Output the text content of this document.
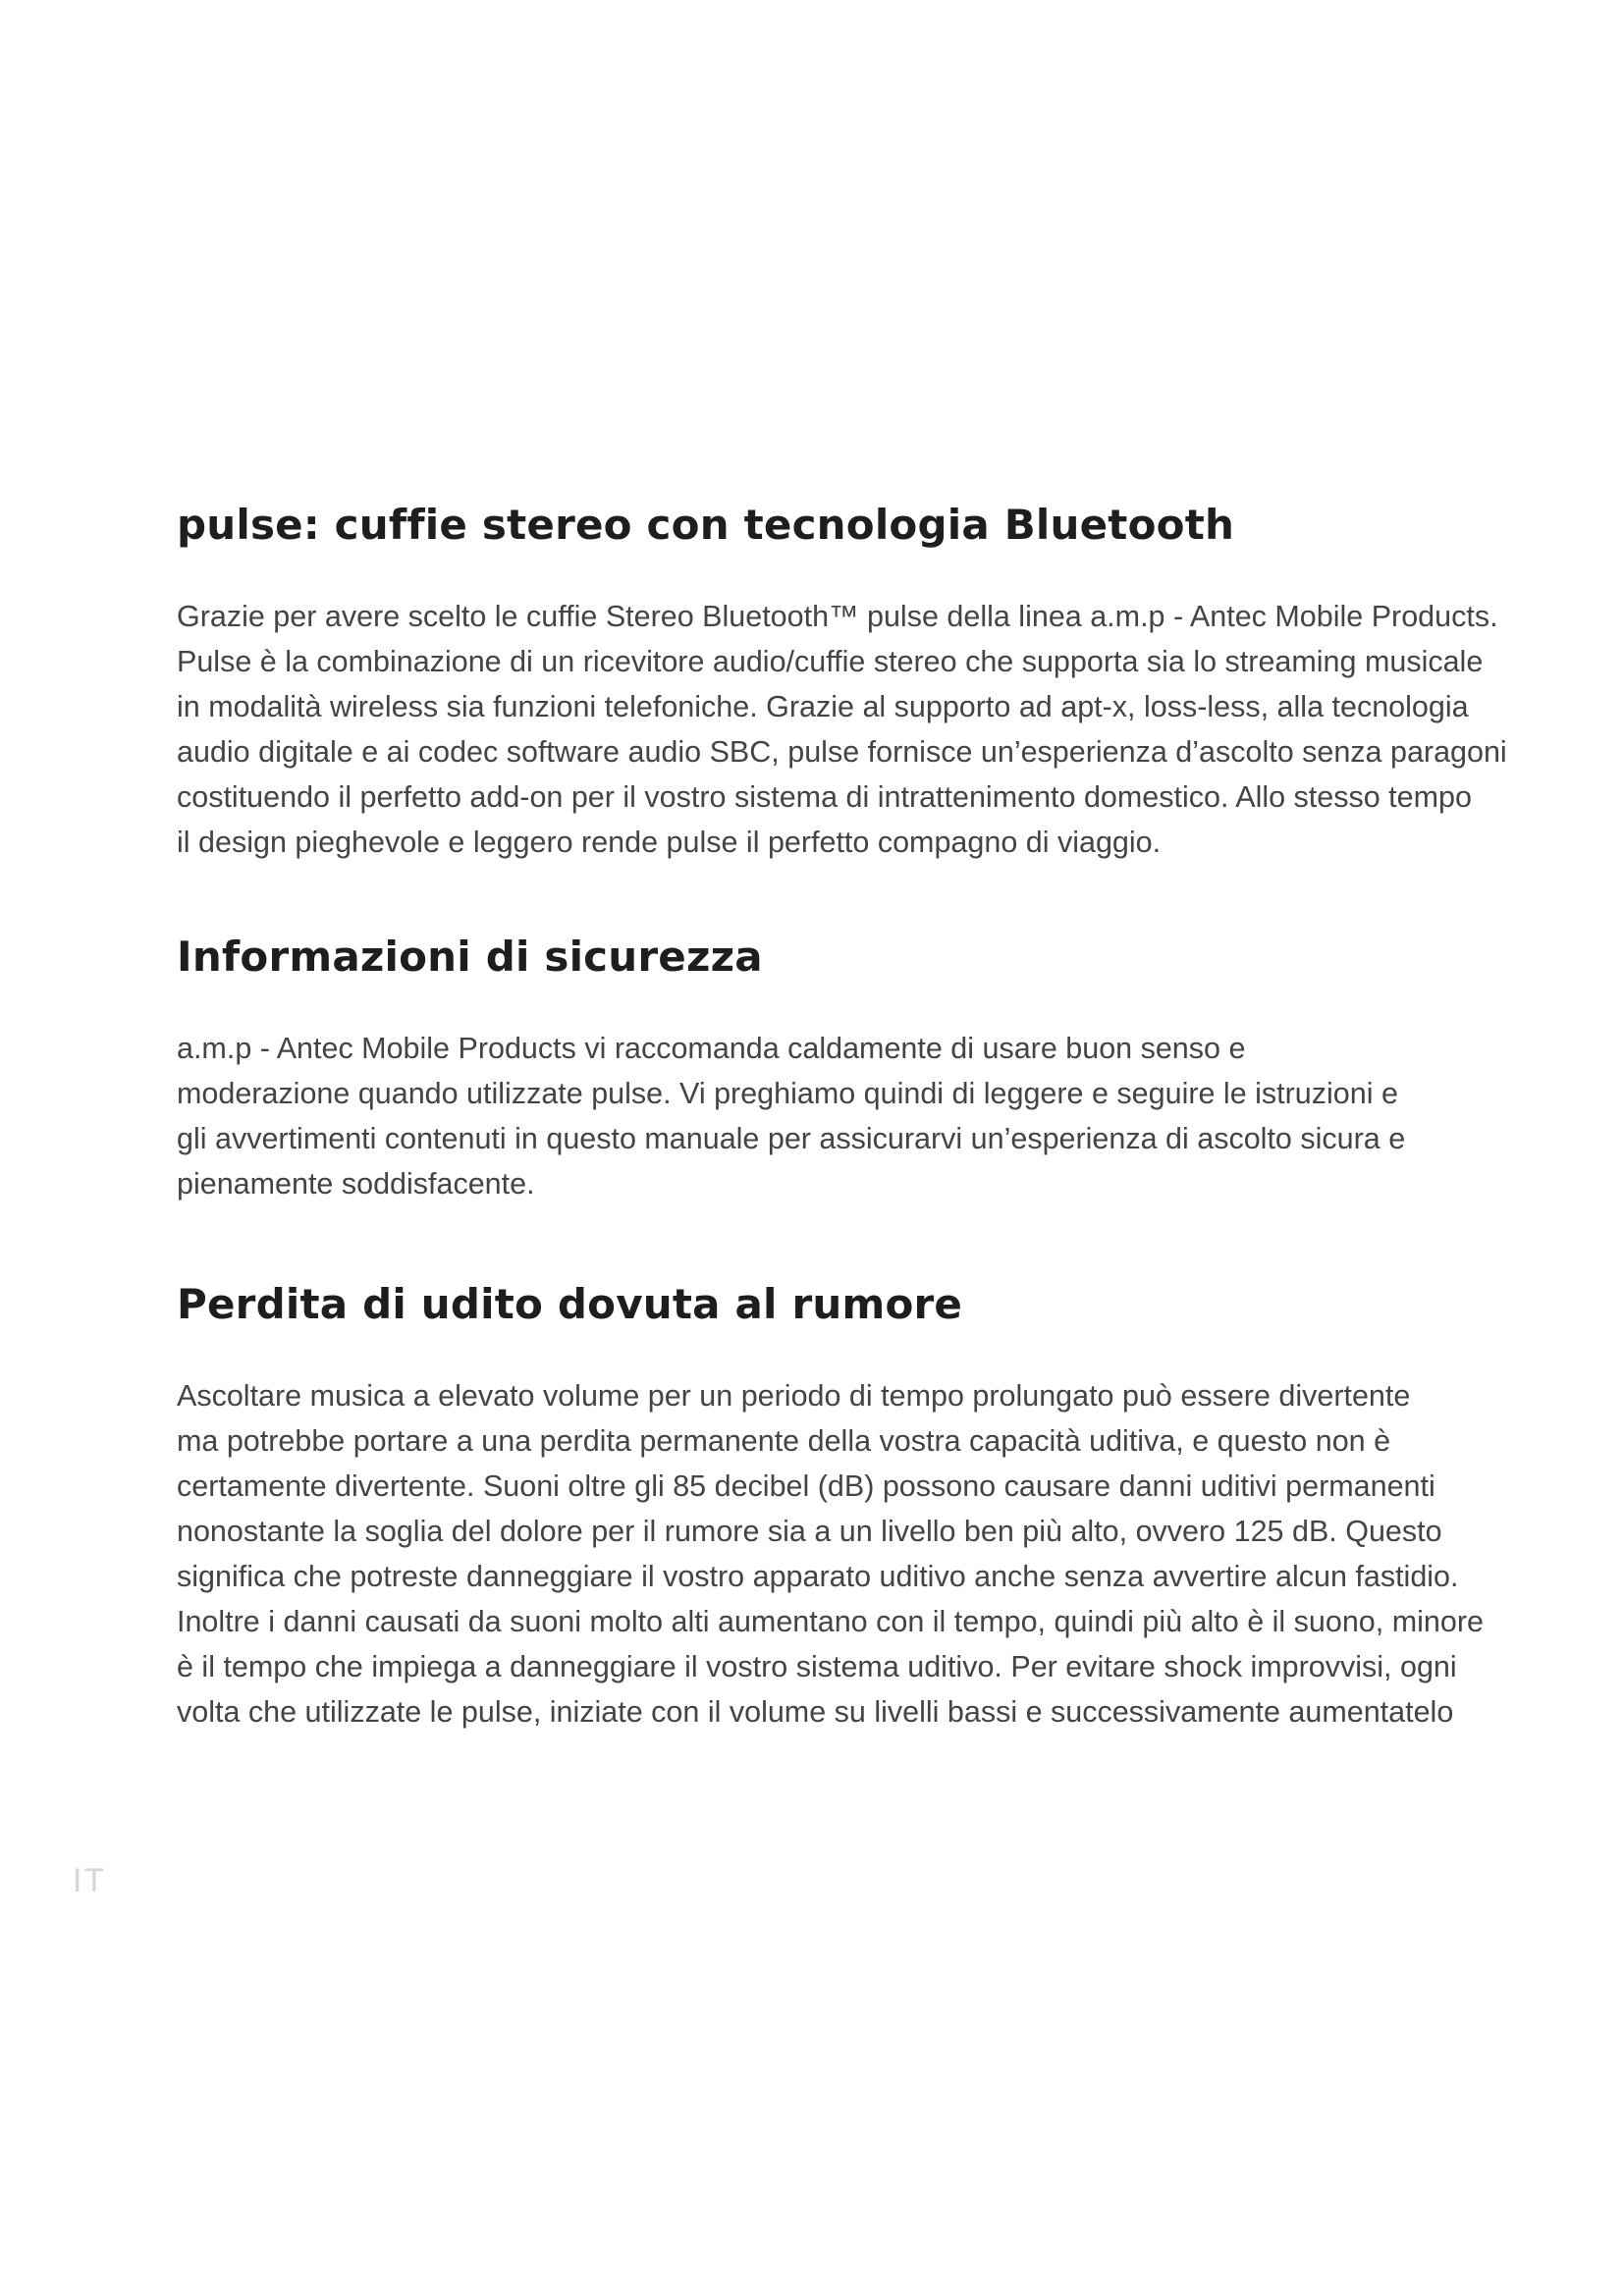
pulse: cuffie stereo con tecnologia Bluetooth

Grazie per avere scelto le cuffie Stereo Bluetooth™ pulse della linea a.m.p - Antec Mobile Products.
Pulse è la combinazione di un ricevitore audio/cuffie stereo che supporta sia lo streaming musicale
in modalità wireless sia funzioni telefoniche. Grazie al supporto ad apt-x, loss-less, alla tecnologia
audio digitale e ai codec software audio SBC, pulse fornisce un’esperienza d’ascolto senza paragoni
costituendo il perfetto add-on per il vostro sistema di intrattenimento domestico. Allo stesso tempo
il design pieghevole e leggero rende pulse il perfetto compagno di viaggio.

Informazioni di sicurezza

a.m.p - Antec Mobile Products vi raccomanda caldamente di usare buon senso e
moderazione quando utilizzate pulse. Vi preghiamo quindi di leggere e seguire le istruzioni e
gli avvertimenti contenuti in questo manuale per assicurarvi un’esperienza di ascolto sicura e
pienamente soddisfacente.

Perdita di udito dovuta al rumore

Ascoltare musica a elevato volume per un periodo di tempo prolungato può essere divertente
ma potrebbe portare a una perdita permanente della vostra capacità uditiva, e questo non è
certamente divertente. Suoni oltre gli 85 decibel (dB) possono causare danni uditivi permanenti
nonostante la soglia del dolore per il rumore sia a un livello ben più alto, ovvero 125 dB. Questo
significa che potreste danneggiare il vostro apparato uditivo anche senza avvertire alcun fastidio.
Inoltre i danni causati da suoni molto alti aumentano con il tempo, quindi più alto è il suono, minore
è il tempo che impiega a danneggiare il vostro sistema uditivo. Per evitare shock improvvisi, ogni
volta che utilizzate le pulse, iniziate con il volume su livelli bassi e successivamente aumentatelo

IT
